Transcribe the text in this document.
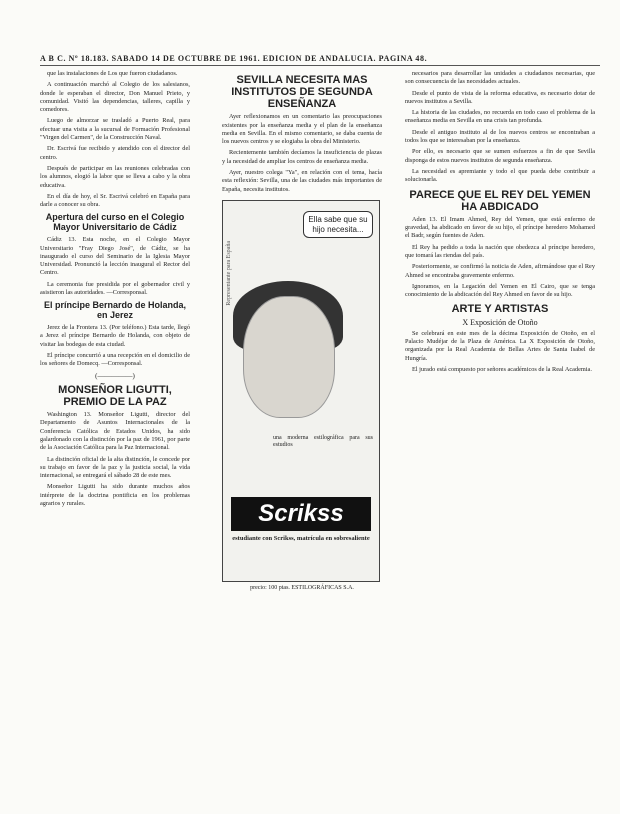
A B C. Nº 18.183. SABADO 14 DE OCTUBRE DE 1961. EDICION DE ANDALUCIA. PAGINA 48.

que las instalaciones de Los que fueron ciudadanos.

A continuación marchó al Colegio de los salesianos, donde le esperaban el director, Don Manuel Prieto, y comunidad. Visitó las dependencias, talleres, capilla y comedores.

Luego de almorzar se trasladó a Puerto Real, para efectuar una visita a la sucursal de Formación Profesional "Virgen del Carmen", de la Construcción Naval.

Dr. Escrivá fue recibido y atendido con el director del centro.

Después de participar en las reuniones celebradas con los alumnos, elogió la labor que se lleva a cabo y la obra educativa.

En el día de hoy, el Sr. Escrivá celebró en España para darle a conocer su obra.

Apertura del curso en el Colegio Mayor Universitario de Cádiz

Cádiz 13. Esta noche, en el Colegio Mayor Universitario "Fray Diego José", de Cádiz, se ha inaugurado el curso del Seminario de la Iglesia Mayor Universidad. Pronunció la lección inaugural el Rector del Centro.

La ceremonia fue presidida por el gobernador civil y asistieron las autoridades. —Corresponsal.

El príncipe Bernardo de Holanda, en Jerez

Jerez de la Frontera 13. (Por teléfono.) Esta tarde, llegó a Jerez el príncipe Bernardo de Holanda, con objeto de visitar las bodegas de esta ciudad.

El príncipe concurrió a una recepción en el domicilio de los señores de Domecq. —Corresponsal.

(—————)
MONSEÑOR LIGUTTI, PREMIO DE LA PAZ

Washington 13. Monseñor Ligutti, director del Departamento de Asuntos Internacionales de la Conferencia Católica de Estados Unidos, ha sido galardonado con la distinción por la paz de 1961, por parte de la Asociación Católica para la Paz Internacional.

La distinción oficial de la alta distinción, le concede por su trabajo en favor de la paz y la justicia social, la vida internacional, se entregará el sábado 28 de este mes.

Monseñor Ligutti ha sido durante muchos años intérprete de la doctrina pontificia en los problemas agrarios y rurales.

SEVILLA NECESITA MAS INSTITUTOS DE SEGUNDA ENSEÑANZA

Ayer reflexionamos en un comentario las preocupaciones existentes por la enseñanza media y el plan de la enseñanza media en Sevilla. En el mismo comentario, se daba cuenta de los nuevos centros y se elogiaba la obra del Ministerio.

Recientemente también decíamos la insuficiencia de plazas y la necesidad de ampliar los centros de enseñanza media.

Ayer, nuestro colega "Ya", en relación con el tema, hacía esta reflexión: Sevilla, una de las ciudades más importantes de España, necesita institutos.

Representante para España
Ella sabe que su hijo necesita...
una moderna estilográfica para sus estudios
Scrikss
estudiante con Scrikss, matrícula en sobresaliente
precio: 100 ptas. ESTILOGRÁFICAS S.A.

necesarios para desarrollar las unidades a ciudadanos necesarias, que son consecuencia de las necesidades actuales.

Desde el punto de vista de la reforma educativa, es necesario dotar de nuevos institutos a Sevilla.

La historia de las ciudades, no recuerda en todo caso el problema de la enseñanza media en Sevilla en una crisis tan profunda.

Desde el antiguo instituto al de los nuevos centros se encontraban a todos los que se interesaban por la enseñanza.

Por ello, es necesario que se sumen esfuerzos a fin de que Sevilla disponga de estos nuevos institutos de segunda enseñanza.

La necesidad es apremiante y todo el que pueda debe contribuir a solucionarla.

PARECE QUE EL REY DEL YEMEN HA ABDICADO

Aden 13. El Imam Ahmed, Rey del Yemen, que está enfermo de gravedad, ha abdicado en favor de su hijo, el príncipe heredero Mohamed el Badr, según fuentes de Aden.

El Rey ha pedido a toda la nación que obedezca al príncipe heredero, que tomará las riendas del país.

Posteriormente, se confirmó la noticia de Aden, afirmándose que el Rey Ahmed se encontraba gravemente enfermo.

Ignoramos, en la Legación del Yemen en El Cairo, que se tenga conocimiento de la abdicación del Rey Ahmed en favor de su hijo.

ARTE Y ARTISTAS
X Exposición de Otoño

Se celebrará en este mes de la décima Exposición de Otoño, en el Palacio Mudéjar de la Plaza de América. La X Exposición de Otoño, organizada por la Real Academia de Bellas Artes de Santa Isabel de Hungría.

El jurado está compuesto por señores académicos de la Real Academia.
